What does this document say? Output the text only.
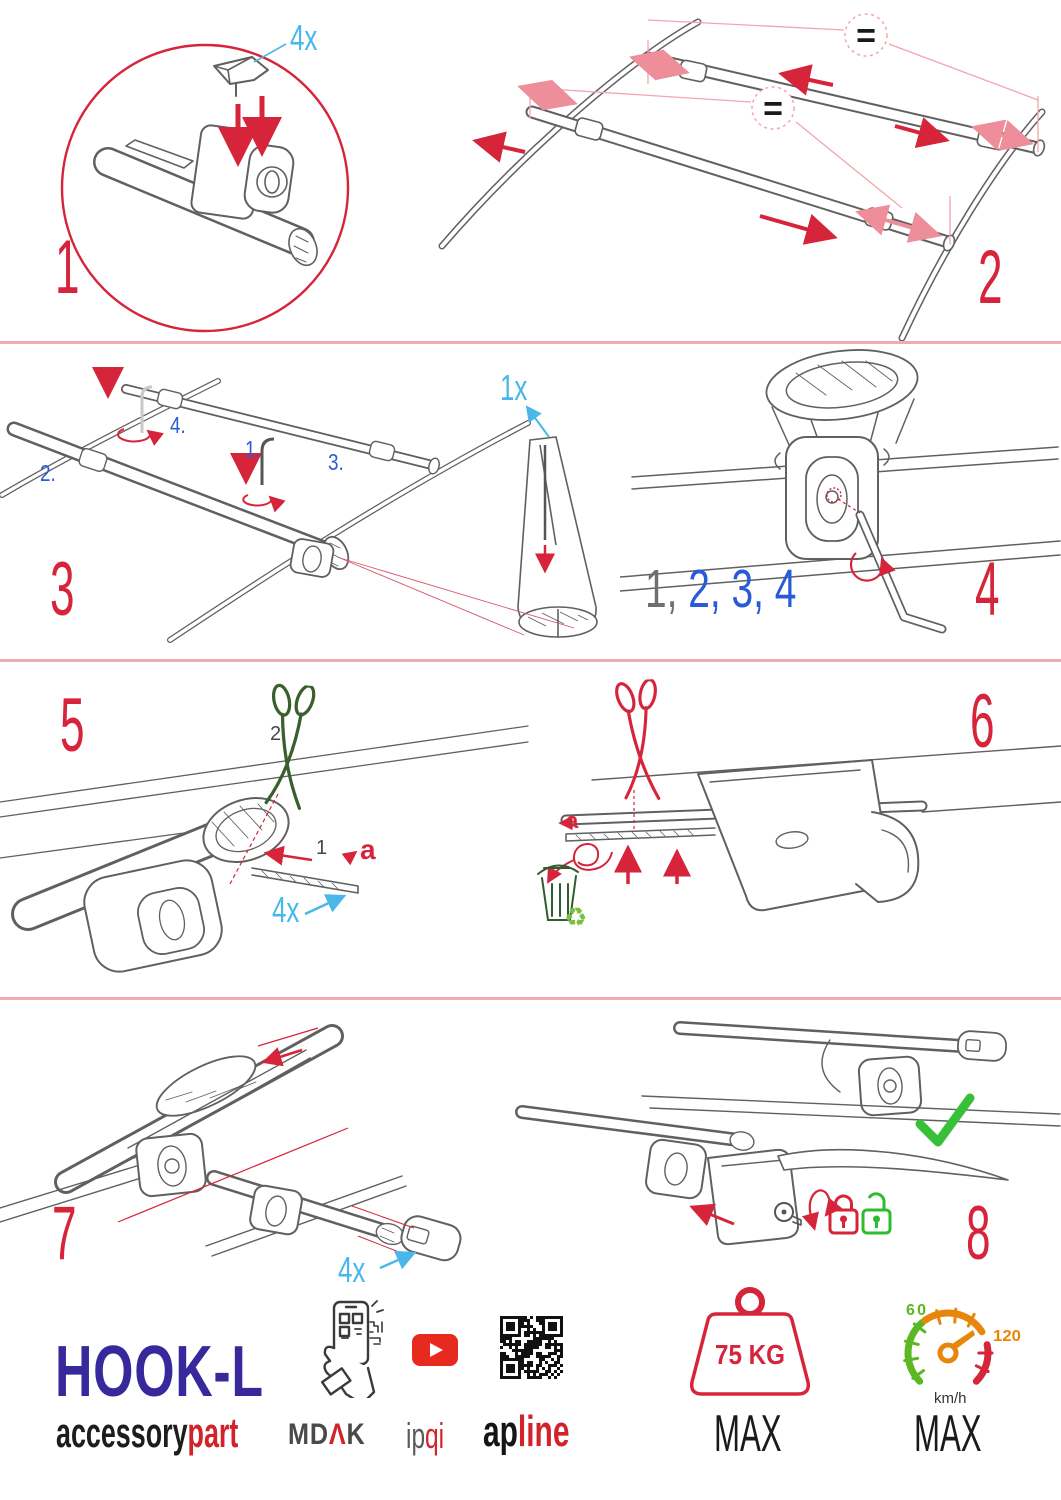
4x
1
=
=
2
4.
1.
2.	3.
1x
3	1, 2, 3, 4	4
5	2
1 a
4x	♻
a
6
7	4x	8
HOOK-L
accessorypart	MDΛK	ipqi apline
75 KG
MAX
60
120
km/h
MAX
